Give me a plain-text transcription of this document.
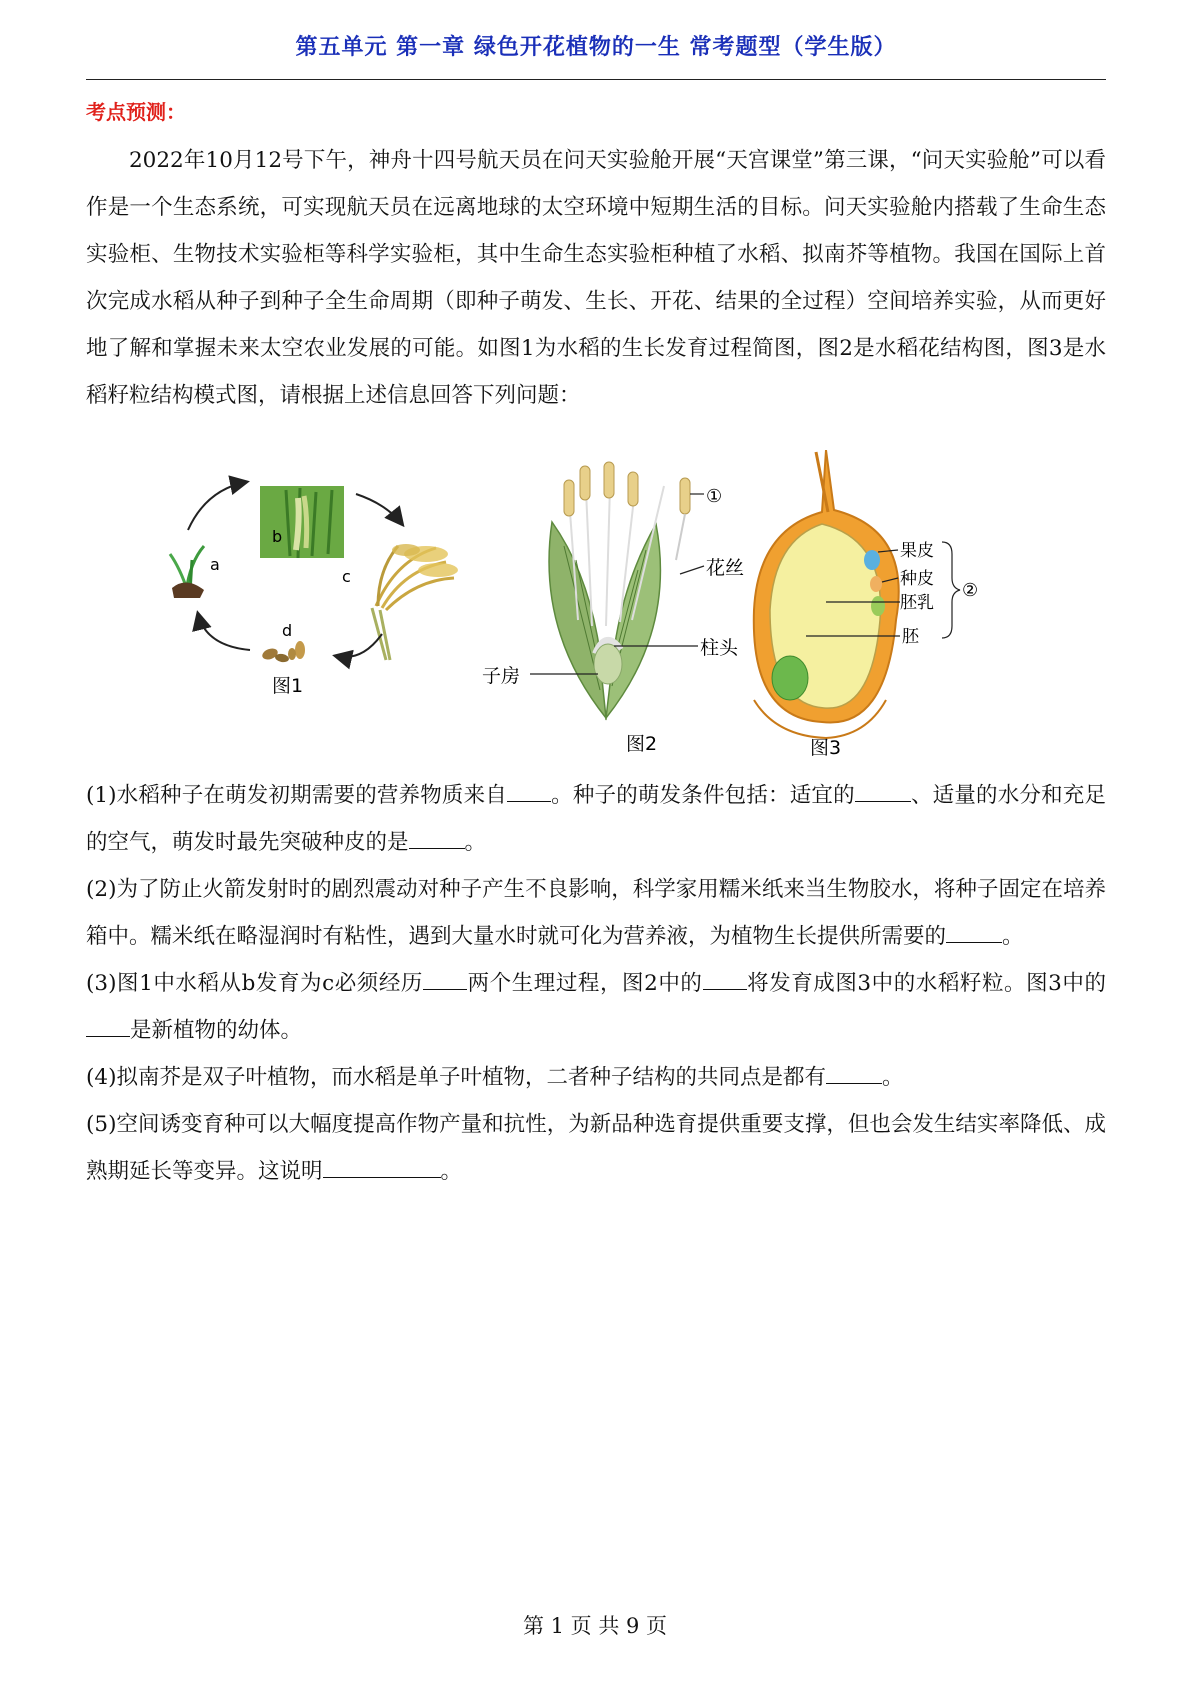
第五单元 第一章 绿色开花植物的一生 常考题型（学生版）
考点预测：

2022年10月12号下午，神舟十四号航天员在问天实验舱开展“天宫课堂”第三课，“问天实验舱”可以看作是一个生态系统，可实现航天员在远离地球的太空环境中短期生活的目标。问天实验舱内搭载了生命生态实验柜、生物技术实验柜等科学实验柜，其中生命生态实验柜种植了水稻、拟南芥等植物。我国在国际上首次完成水稻从种子到种子全生命周期（即种子萌发、生长、开花、结果的全过程）空间培养实验，从而更好地了解和掌握未来太空农业发展的可能。如图1为水稻的生长发育过程简图，图2是水稻花结构图，图3是水稻籽粒结构模式图，请根据上述信息回答下列问题：

b
a
c
d
图1
①
花丝
柱头
子房
图2
果皮
种皮
胚乳
胚
②
图3

(1)水稻种子在萌发初期需要的营养物质来自 。种子的萌发条件包括：适宜的	、适量的水分和充足的空气，萌发时最先突破种皮的是	。

(2)为了防止火箭发射时的剧烈震动对种子产生不良影响，科学家用糯米纸来当生物胶水，将种子固定在培养箱中。糯米纸在略湿润时有粘性，遇到大量水时就可化为营养液，为植物生长提供所需要的	。

(3)图1中水稻从b发育为c必须经历 两个生理过程，图2中的 将发育成图3中的水稻籽粒。图3中的是新植物的幼体。

(4)拟南芥是双子叶植物，而水稻是单子叶植物，二者种子结构的共同点是都有	。

(5)空间诱变育种可以大幅度提高作物产量和抗性，为新品种选育提供重要支撑，但也会发生结实率降低、成熟期延长等变异。这说明	。

第 1 页 共 9 页
